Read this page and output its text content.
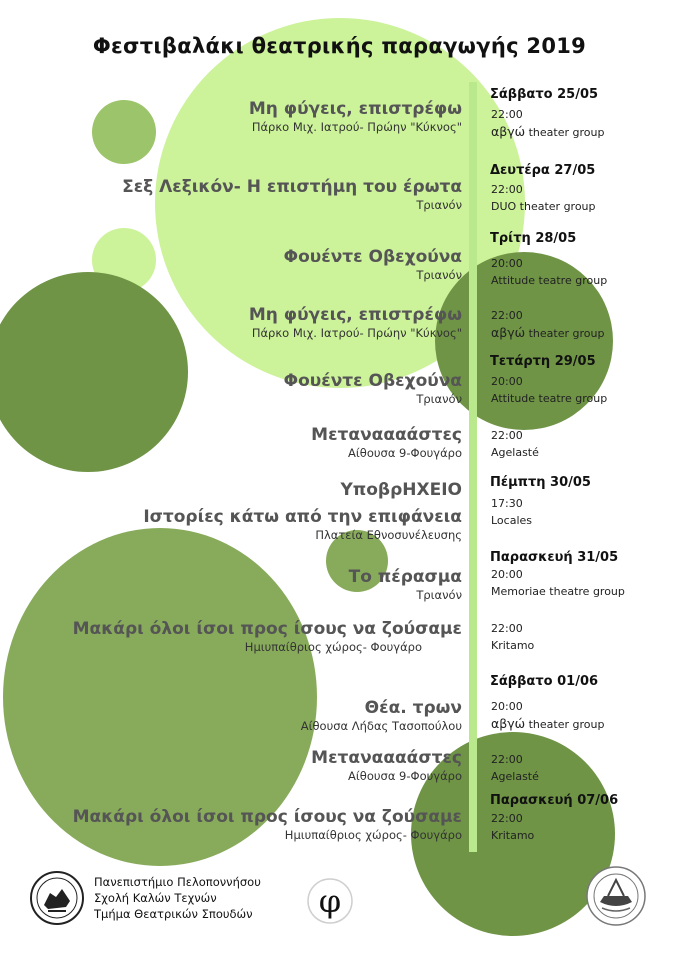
Φεστιβαλάκι θεατρικής παραγωγής 2019
Μη φύγεις, επιστρέφω
Πάρκο Μιχ. Ιατρού- Πρώην "Κύκνος"
Σεξ Λεξικόν- Η επιστήμη του έρωτα
Τριανόν
Φουέντε Οβεχούνα
Τριανόν
Μη φύγεις, επιστρέφω
Πάρκο Μιχ. Ιατρού- Πρώην "Κύκνος"
Φουέντε Οβεχούνα
Τριανόν
Μεταναααάστες
Αίθουσα 9-Φουγάρο
ΥποβρΗΧΕΙΟ
Ιστορίες κάτω από την επιφάνεια
Πλατεία Εθνοσυνέλευσης
Το πέρασμα
Τριανόν
Μακάρι όλοι ίσοι προς ίσους να ζούσαμε
Ημιυπαίθριος χώρος- Φουγάρο
Θέα. τρων
Αίθουσα Λήδας Τασοπούλου
Μεταναααάστες
Αίθουσα 9-Φουγάρο
Μακάρι όλοι ίσοι προς ίσους να ζούσαμε
Ημιυπαίθριος χώρος- Φουγάρο
Σάββατο 25/05
22:00
αβγώ theater group
Δευτέρα 27/05
22:00
DUO theater group
Τρίτη 28/05
20:00
Attitude teatre group
22:00
αβγώ theater group
Τετάρτη 29/05
20:00
Attitude teatre group
22:00
Agelasté
Πέμπτη 30/05
17:30
Locales
Παρασκευή 31/05
20:00
Memoriae theatre group
22:00
Kritamo
Σάββατο 01/06
20:00
αβγώ theater group
22:00
Agelasté
Παρασκευή 07/06
22:00
Kritamo
Πανεπιστήμιο Πελοποννήσου
Σχολή Καλών Τεχνών
Τμήμα Θεατρικών Σπουδών φ
